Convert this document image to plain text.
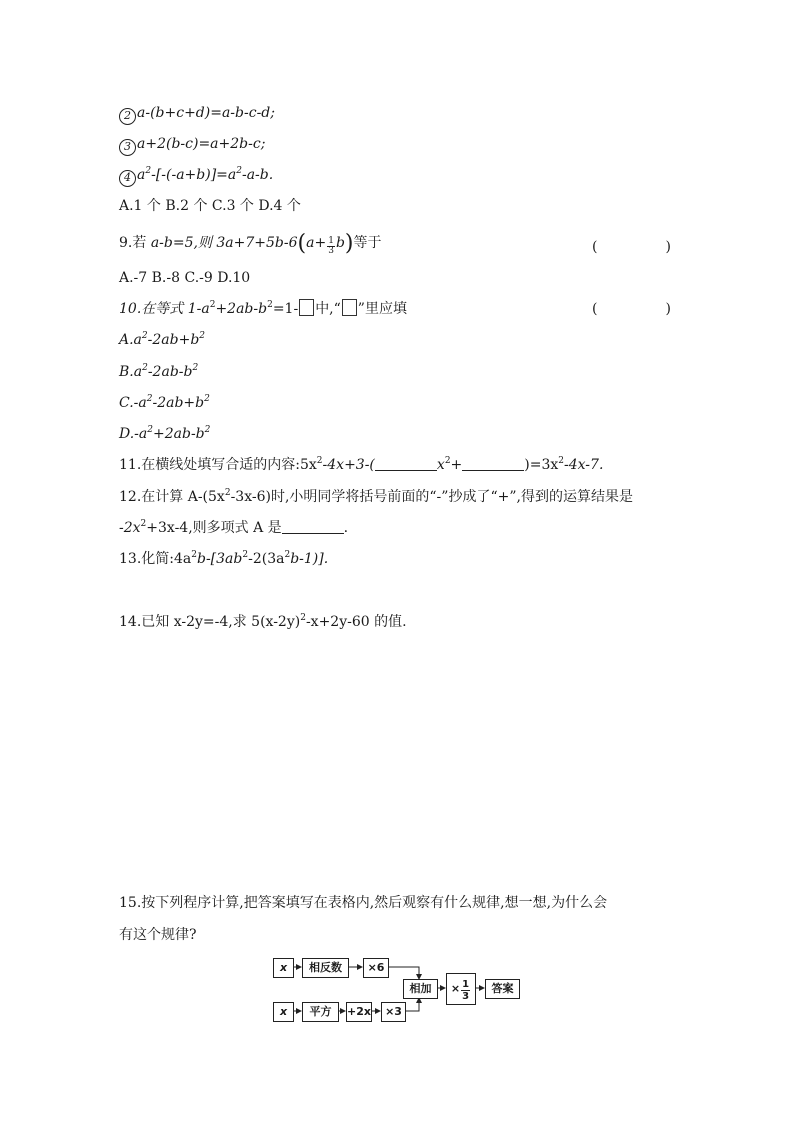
2 a-(b+c+d)=a-b-c-d;
3 a+2(b-c)=a+2b-c;
4 $a^2-[-(-a+b)]=a^2-a-b$.
A.1 个 B.2 个 C.3 个 D.4 个
9.若 a-b=5,则 $3a+7+5b-6(a+ \frac{1}{3} b)$等于	(	)
A.-7 B.-8 C.-9 D.10
10.在等式 $1-a^2+2ab-b^2=1-$ 中,“ ”里应填	(	)
$A.a^2-2ab+b^2$
$B.a^2-2ab-b^2$
$C.-a^2-2ab+b^2$
$D.-a^2+2ab-b^2$
11.在横线处填写合适的内容$:5x^2-4x+3-$(	$x^2+$	)$=3x^2-4x-7$.
12.在计算 $A-(5x^2-3x-6)$时,小明同学将括号前面的“-”抄成了“+”,得到的运算结果是
$-2x^2+3x-4$,则多项式 A 是	.
13.化简$:4a^2b-[3ab^2-2(3a^2b-1)]$.
14.已知 x-2y=-4,求 $5(x-2y)^2-x+2y-60$ 的值.
15.按下列程序计算,把答案填写在表格内,然后观察有什么规律,想一想,为什么会
有这个规律?
x	相反数	×6
x	平方	+2x	×3
相加	× $\frac{1}{3}$	答案
